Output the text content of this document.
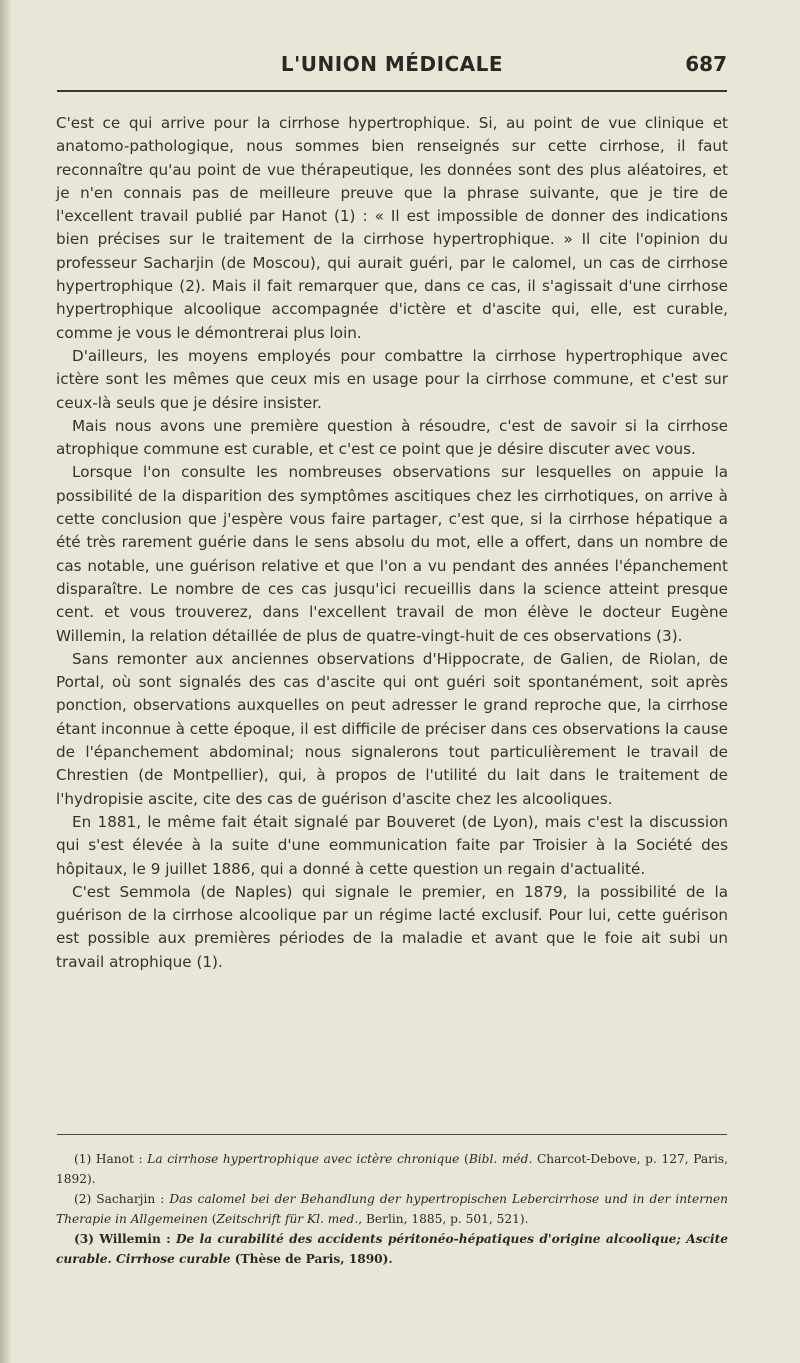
L'UNION MÉDICALE	687

C'est ce qui arrive pour la cirrhose hypertrophique. Si, au point de vue clinique et anatomo-pathologique, nous sommes bien renseignés sur cette cirrhose, il faut reconnaître qu'au point de vue thérapeutique, les données sont des plus aléatoires, et je n'en connais pas de meilleure preuve que la phrase suivante, que je tire de l'excellent travail publié par Hanot (1) : « Il est impossible de donner des indications bien précises sur le traitement de la cirrhose hypertrophique. » Il cite l'opinion du professeur Sacharjin (de Moscou), qui aurait guéri, par le calomel, un cas de cirrhose hypertrophique (2). Mais il fait remarquer que, dans ce cas, il s'agissait d'une cirrhose hypertrophique alcoolique accompagnée d'ictère et d'ascite qui, elle, est curable, comme je vous le démontrerai plus loin.

D'ailleurs, les moyens employés pour combattre la cirrhose hypertrophique avec ictère sont les mêmes que ceux mis en usage pour la cirrhose commune, et c'est sur ceux-là seuls que je désire insister.

Mais nous avons une première question à résoudre, c'est de savoir si la cirrhose atrophique commune est curable, et c'est ce point que je désire discuter avec vous.

Lorsque l'on consulte les nombreuses observations sur lesquelles on appuie la possibilité de la disparition des symptômes ascitiques chez les cirrhotiques, on arrive à cette conclusion que j'espère vous faire partager, c'est que, si la cirrhose hépatique a été très rarement guérie dans le sens absolu du mot, elle a offert, dans un nombre de cas notable, une guérison relative et que l'on a vu pendant des années l'épanchement disparaître. Le nombre de ces cas jusqu'ici recueillis dans la science atteint presque cent. et vous trouverez, dans l'excellent travail de mon élève le docteur Eugène Willemin, la relation détaillée de plus de quatre-vingt-huit de ces observations (3).

Sans remonter aux anciennes observations d'Hippocrate, de Galien, de Riolan, de Portal, où sont signalés des cas d'ascite qui ont guéri soit spontanément, soit après ponction, observations auxquelles on peut adresser le grand reproche que, la cirrhose étant inconnue à cette époque, il est difficile de préciser dans ces observations la cause de l'épanchement abdominal; nous signalerons tout particulièrement le travail de Chrestien (de Montpellier), qui, à propos de l'utilité du lait dans le traitement de l'hydropisie ascite, cite des cas de guérison d'ascite chez les alcooliques.

En 1881, le même fait était signalé par Bouveret (de Lyon), mais c'est la discussion qui s'est élevée à la suite d'une eommunication faite par Troisier à la Société des hôpitaux, le 9 juillet 1886, qui a donné à cette question un regain d'actualité.

C'est Semmola (de Naples) qui signale le premier, en 1879, la possibilité de la guérison de la cirrhose alcoolique par un régime lacté exclusif. Pour lui, cette guérison est possible aux premières périodes de la maladie et avant que le foie ait subi un travail atrophique (1).

(1) Hanot : La cirrhose hypertrophique avec ictère chronique (Bibl. méd. Charcot-Debove, p. 127, Paris, 1892).

(2) Sacharjin : Das calomel bei der Behandlung der hypertropischen Lebercirrhose und in der internen Therapie in Allgemeinen (Zeitschrift für Kl. med., Berlin, 1885, p. 501, 521).

(3) Willemin : De la curabilité des accidents péritonéo-hépatiques d'origine alcoolique; Ascite curable. Cirrhose curable (Thèse de Paris, 1890).
